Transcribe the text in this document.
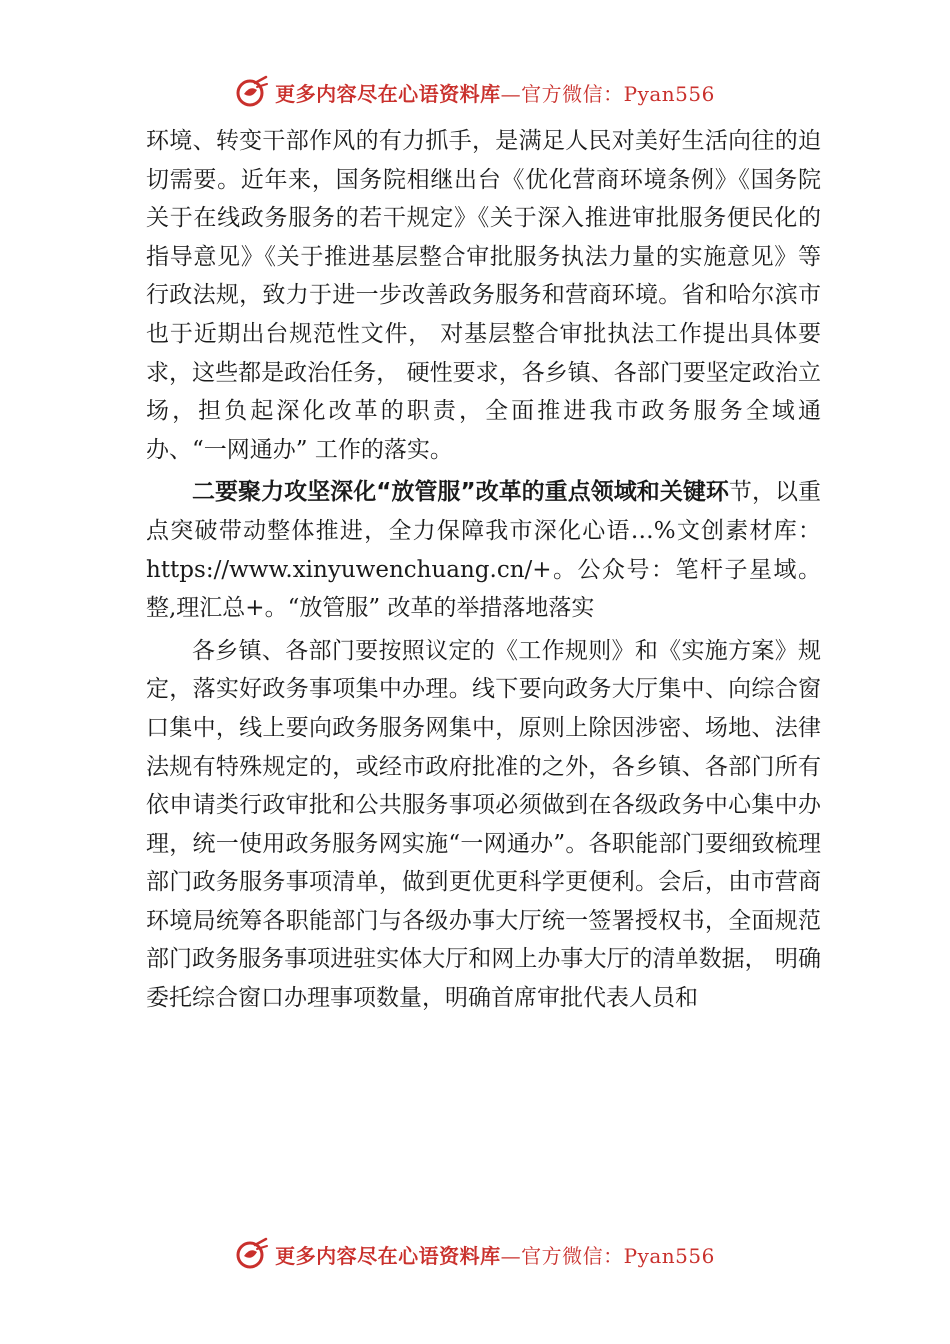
更多内容尽在心语资料库—官方微信：Pyan556

环境、转变干部作风的有力抓手，是满足人民对美好生活向往的迫切需要。近年来，国务院相继出台《优化营商环境条例》《国务院关于在线政务服务的若干规定》《关于深入推进审批服务便民化的指导意见》《关于推进基层整合审批服务执法力量的实施意见》等行政法规，致力于进一步改善政务服务和营商环境。省和哈尔滨市也于近期出台规范性文件， 对基层整合审批执法工作提出具体要求，这些都是政治任务， 硬性要求，各乡镇、各部门要坚定政治立场，担负起深化改革的职责，全面推进我市政务服务全域通办、“一网通办” 工作的落实。

二要聚力攻坚深化“放管服”改革的重点领域和关键环节，以重点突破带动整体推进，全力保障我市深化心语…%文创素材库：https://www.xinyuwenchuang.cn/+。公众号：笔杆子星域。整,理汇总+。“放管服” 改革的举措落地落实

各乡镇、各部门要按照议定的《工作规则》和《实施方案》规定，落实好政务事项集中办理。线下要向政务大厅集中、向综合窗口集中，线上要向政务服务网集中，原则上除因涉密、场地、法律法规有特殊规定的，或经市政府批准的之外，各乡镇、各部门所有依申请类行政审批和公共服务事项必须做到在各级政务中心集中办理，统一使用政务服务网实施“一网通办”。各职能部门要细致梳理部门政务服务事项清单，做到更优更科学更便利。会后，由市营商环境局统筹各职能部门与各级办事大厅统一签署授权书，全面规范部门政务服务事项进驻实体大厅和网上办事大厅的清单数据， 明确委托综合窗口办理事项数量，明确首席审批代表人员和

更多内容尽在心语资料库—官方微信：Pyan556
